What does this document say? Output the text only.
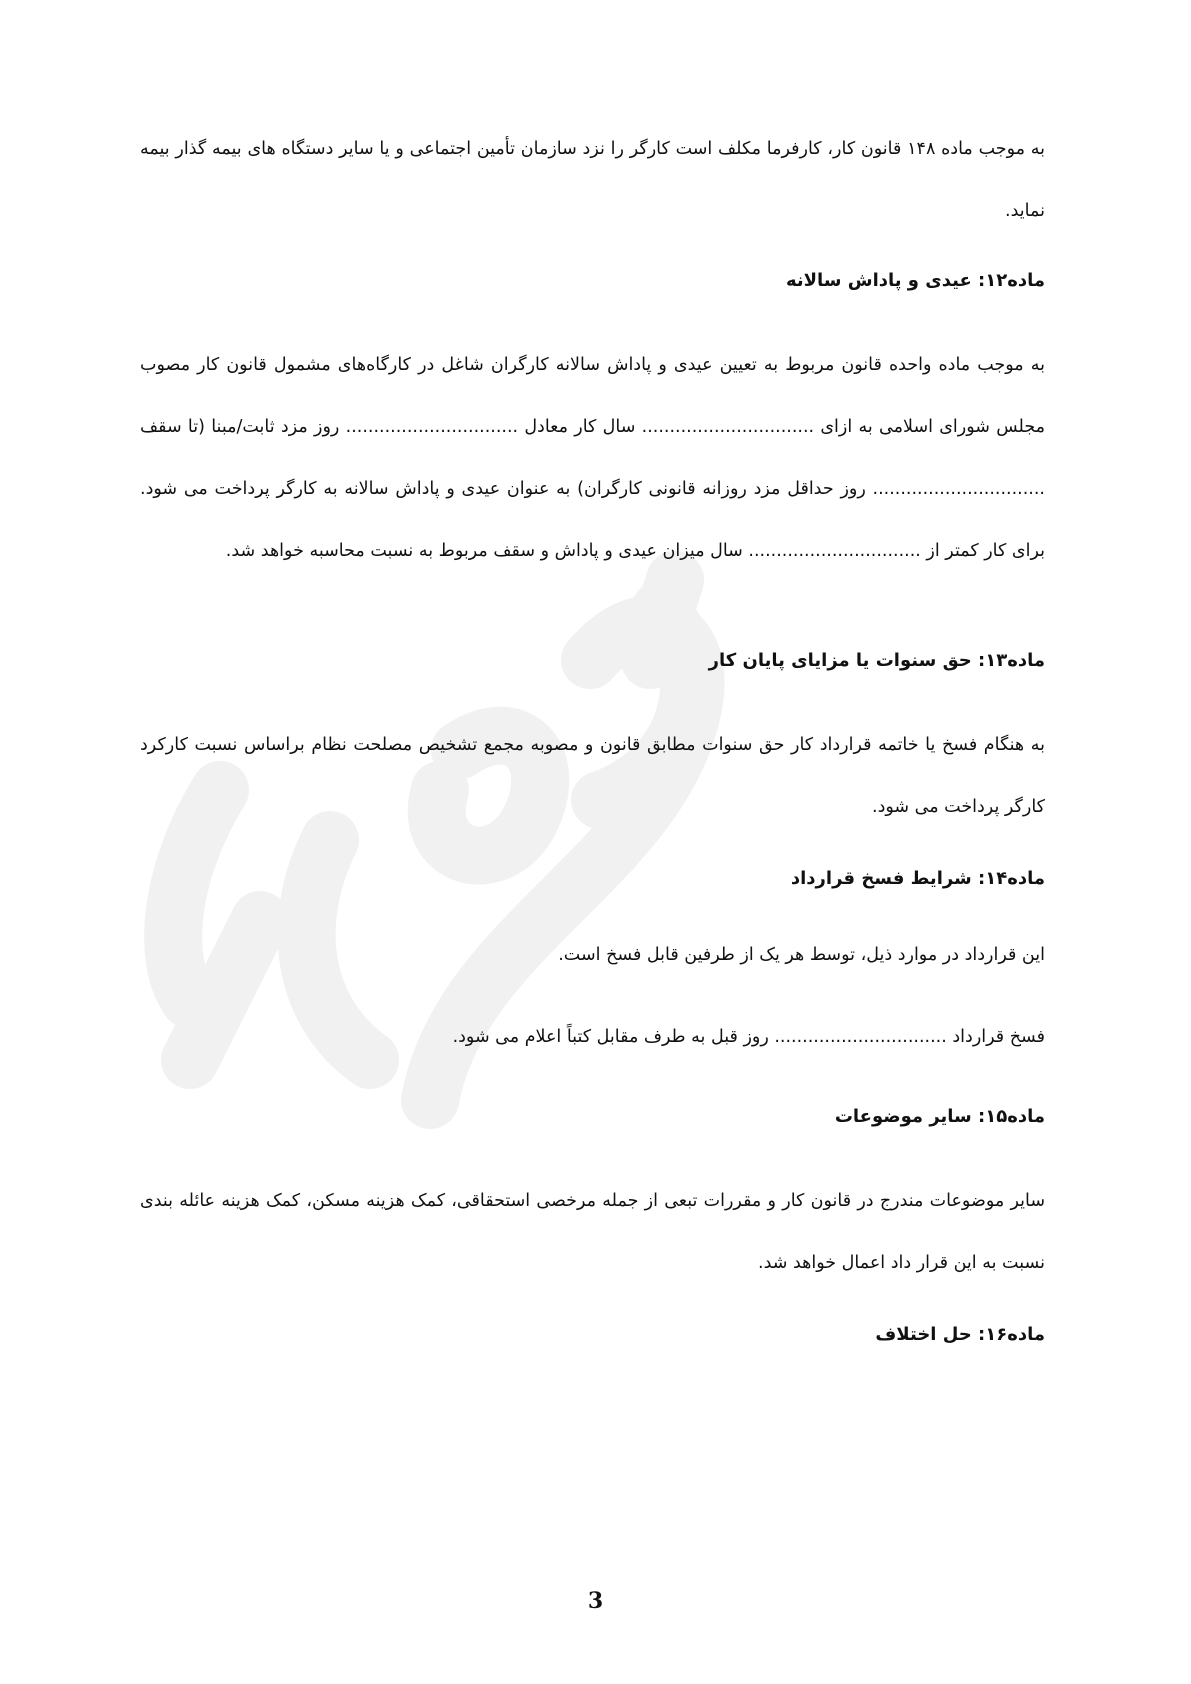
به موجب ماده ۱۴۸ قانون کار، کارفرما مکلف است کارگر را نزد سازمان تأمین اجتماعی و یا سایر دستگاه های بیمه گذار بیمه نماید.

ماده۱۲: عیدی و پاداش سالانه

به موجب ماده واحده قانون مربوط به تعیین عیدی و پاداش سالانه کارگران شاغل در کارگاه‌های مشمول قانون کار مصوب مجلس شورای اسلامی به ازای ............................... سال کار معادل ............................... روز مزد ثابت/مبنا (تا سقف ............................... روز حداقل مزد روزانه قانونی کارگران) به عنوان عیدی و پاداش سالانه به کارگر پرداخت می شود. برای کار کمتر از ............................... سال میزان عیدی و پاداش و سقف مربوط به نسبت محاسبه خواهد شد.

ماده۱۳: حق سنوات یا مزایای پایان کار

به هنگام فسخ یا خاتمه قرارداد کار حق سنوات مطابق قانون و مصوبه مجمع تشخیص مصلحت نظام براساس نسبت کارکرد کارگر پرداخت می شود.

ماده۱۴: شرایط فسخ قرارداد
این قرارداد در موارد ذیل، توسط هر یک از طرفین قابل فسخ است.
فسخ قرارداد ............................... روز قبل به طرف مقابل کتباً اعلام می شود.
ماده۱۵: سایر موضوعات

سایر موضوعات مندرج در قانون کار و مقررات تبعی از جمله مرخصی استحقاقی، کمک هزینه مسکن، کمک هزینه عائله بندی نسبت به این قرار داد اعمال خواهد شد.

ماده۱۶: حل اختلاف
3
